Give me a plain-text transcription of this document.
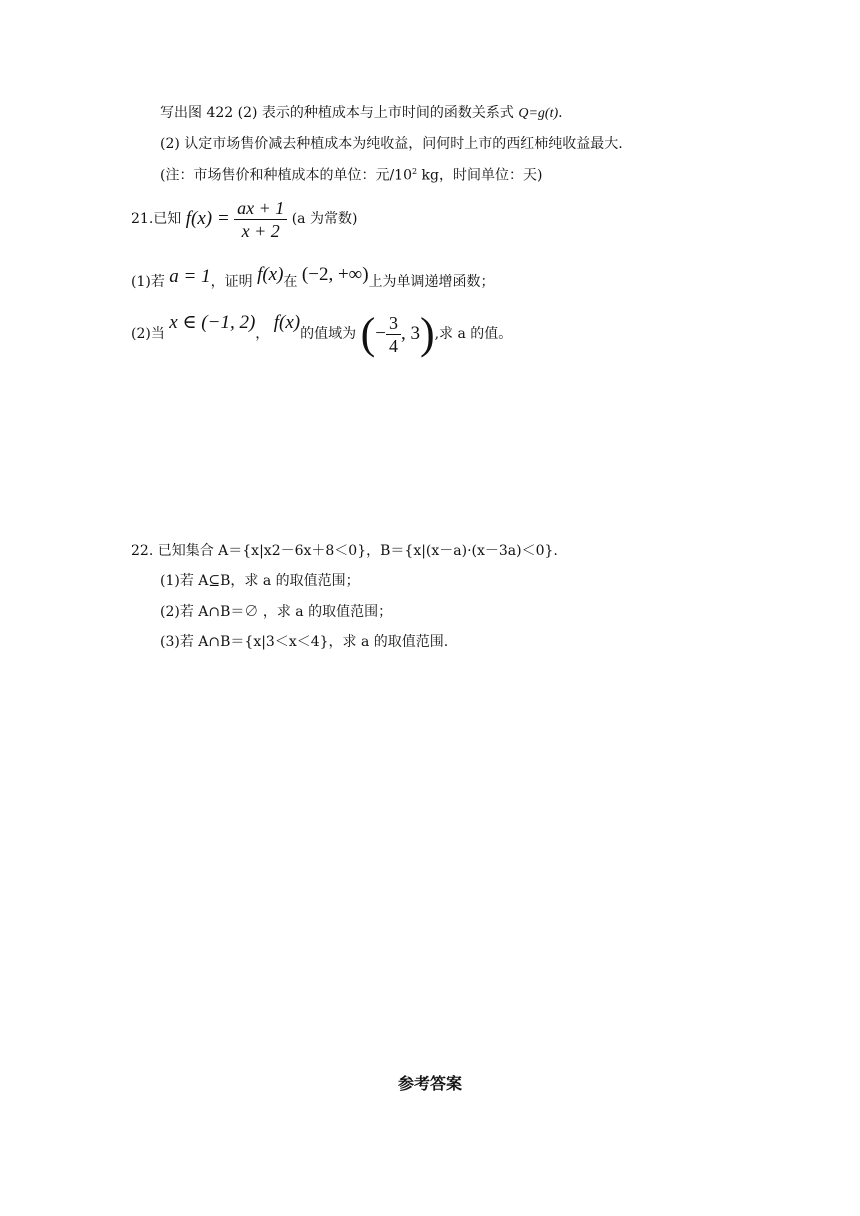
写出图 422 (2) 表示的种植成本与上市时间的函数关系式 Q=g(t).
(2) 认定市场售价减去种植成本为纯收益，问何时上市的西红柿纯收益最大.
(注：市场售价和种植成本的单位：元$/10^2$ kg，时间单位：天)
21.已知 $f(x) = \frac{ax + 1}{x + 2} (a$ 为常数)
(1)若 a = 1，证明 f(x)在 (−2, +∞)上为单调递增函数；
(2)当 x ∈ (−1, 2)， f(x)的值域为 (− $\frac{3}{4}$ , 3),求 a 的值。
22. 已知集合 A＝{x|x2－6x＋8＜0}，B＝{x|(x－a)·(x－3a)＜0}.
(1)若 A⊆B，求 a 的取值范围；
(2)若 A∩B＝∅ ，求 a 的取值范围；
(3)若 A∩B＝{x|3＜x＜4}，求 a 的取值范围.
参考答案
